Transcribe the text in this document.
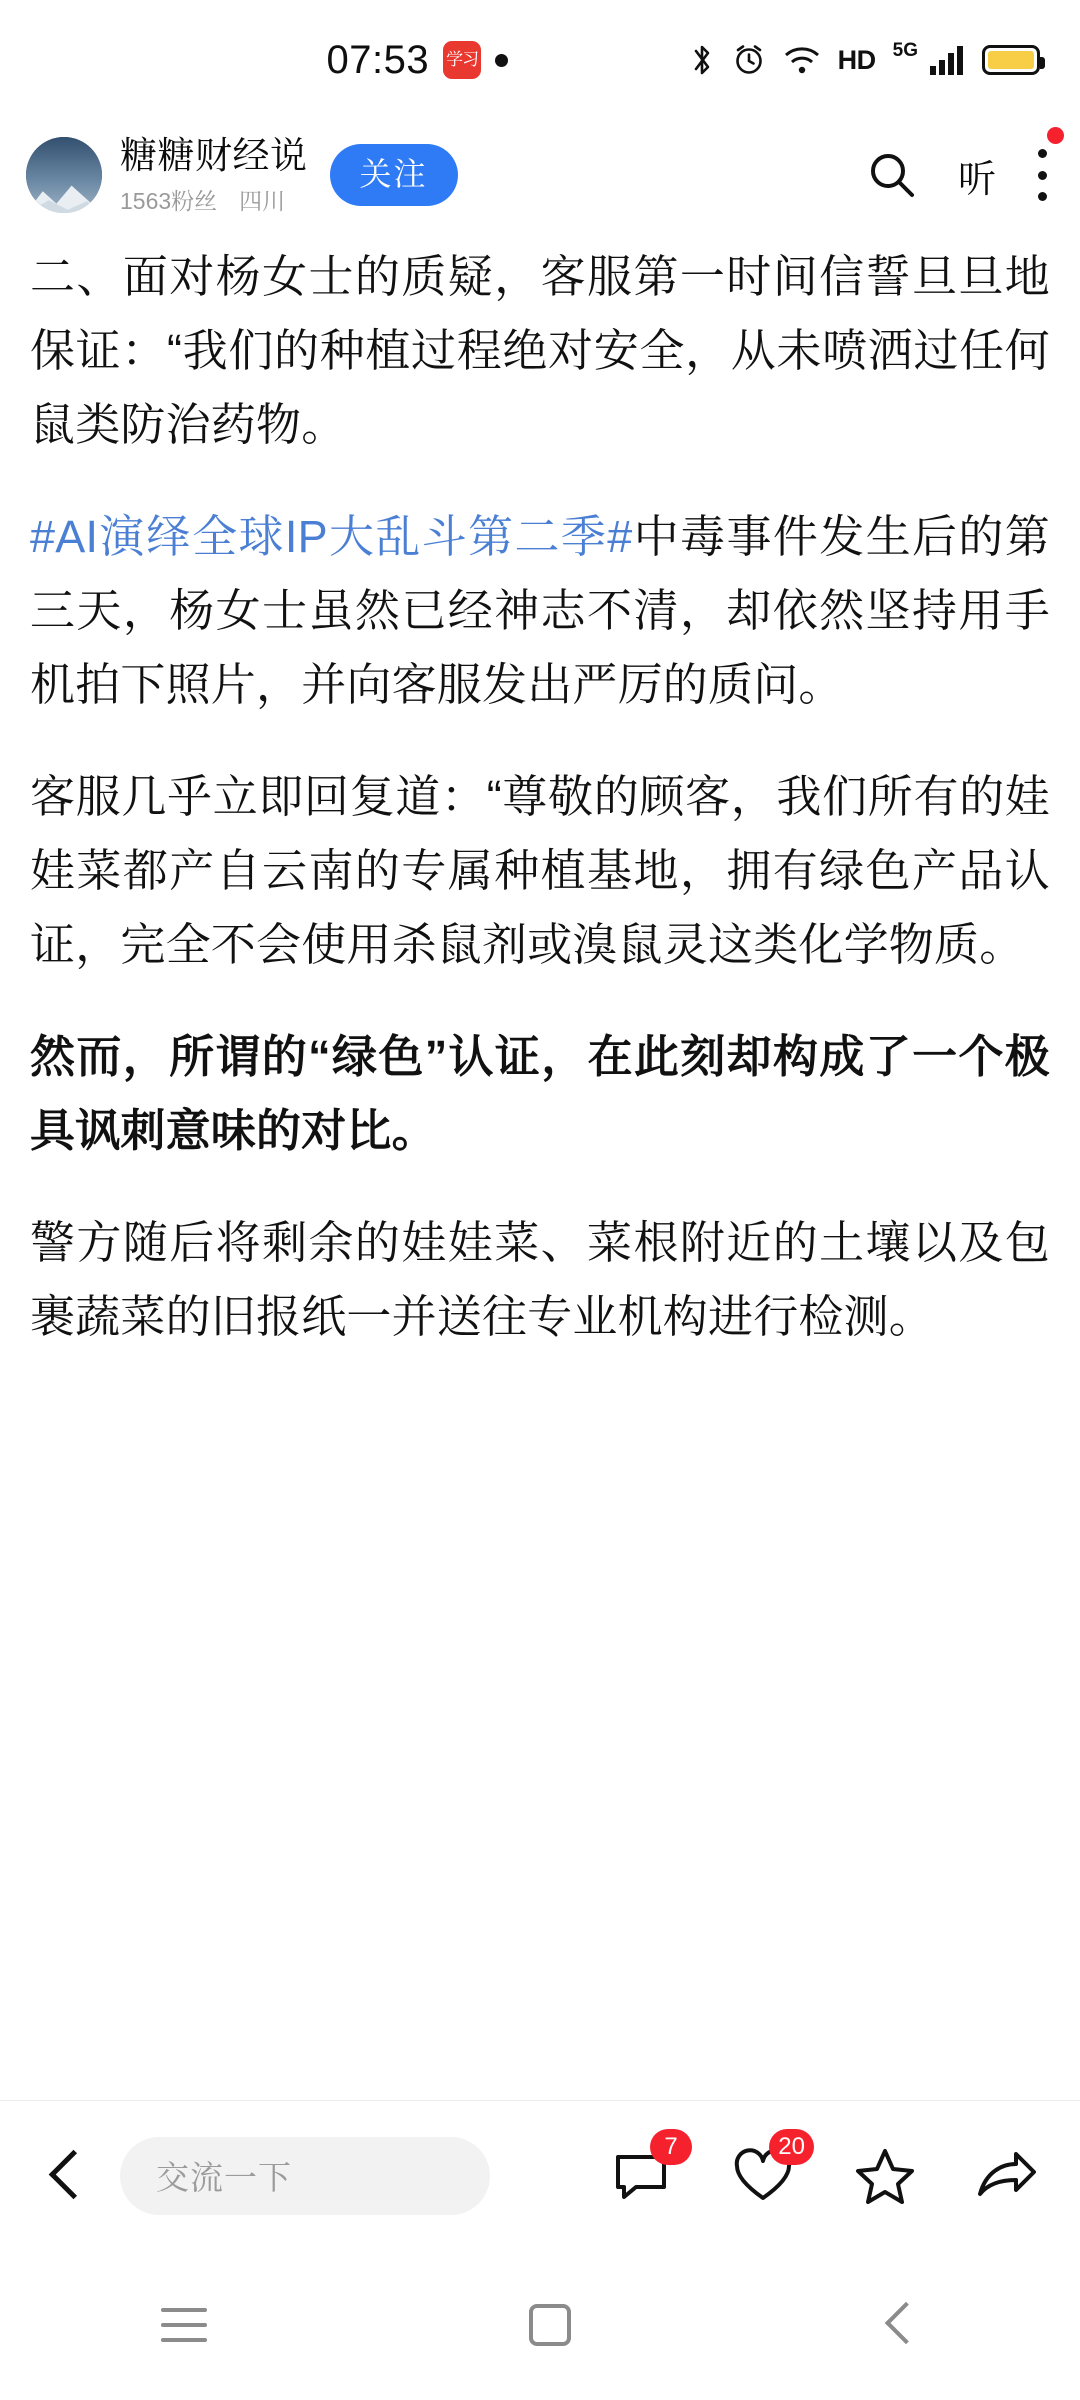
07:53 学习	HD 5G
糖糖财经说
1563粉丝 四川
关注	听

二、面对杨女士的质疑，客服第一时间信誓旦旦地保证：“我们的种植过程绝对安全，从未喷洒过任何鼠类防治药物。

#AI演绎全球IP大乱斗第二季#中毒事件发生后的第三天，杨女士虽然已经神志不清，却依然坚持用手机拍下照片，并向客服发出严厉的质问。

客服几乎立即回复道：“尊敬的顾客，我们所有的娃娃菜都产自云南的专属种植基地，拥有绿色产品认证，完全不会使用杀鼠剂或溴鼠灵这类化学物质。

然而，所谓的“绿色”认证，在此刻却构成了一个极具讽刺意味的对比。

警方随后将剩余的娃娃菜、菜根附近的土壤以及包裹蔬菜的旧报纸一并送往专业机构进行检测。

交流一下
7	20
